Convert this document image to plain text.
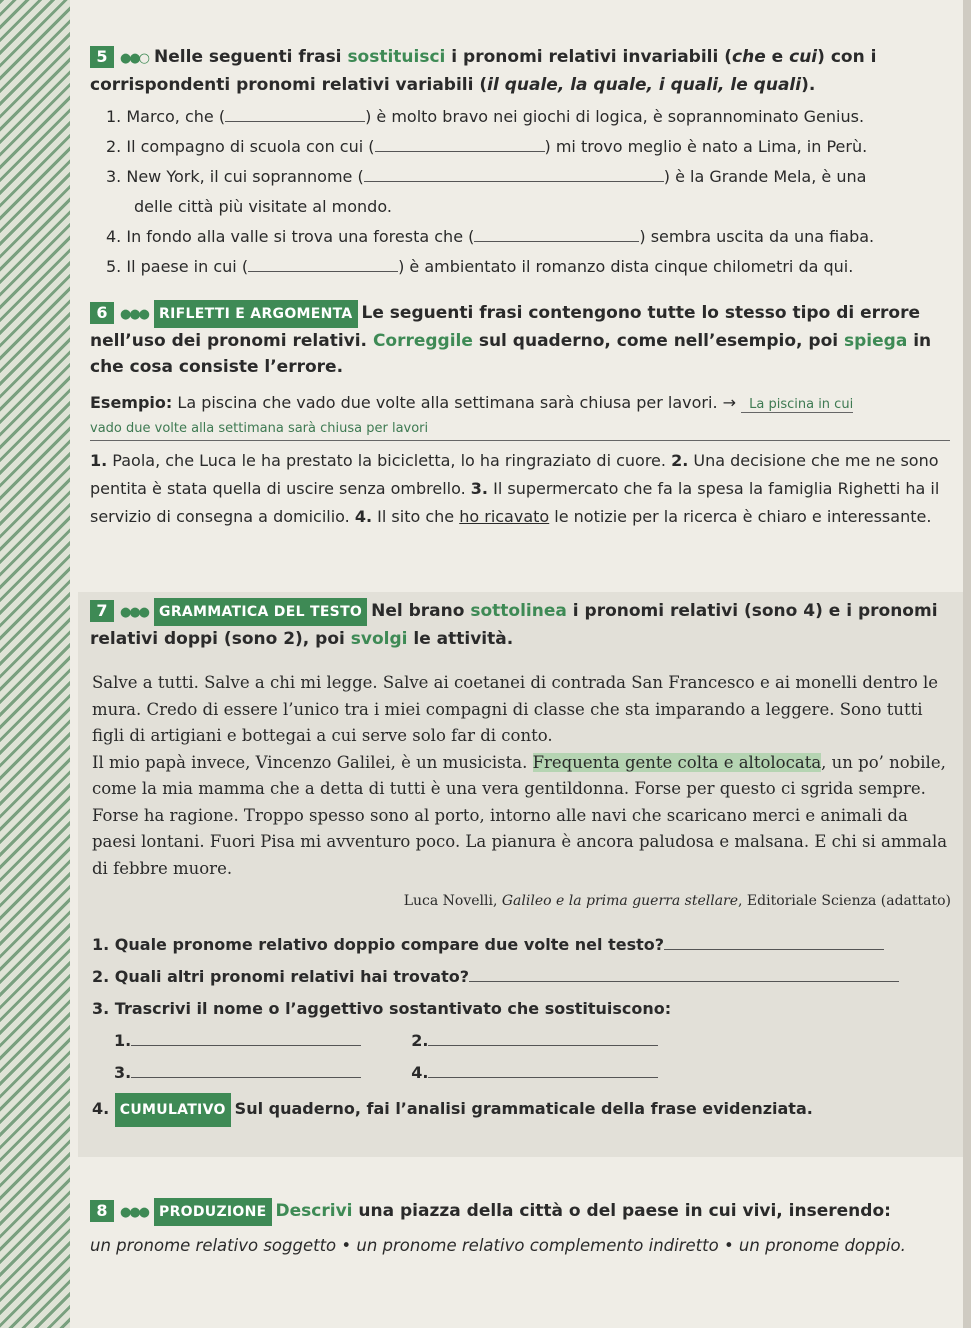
5 ●●○ Nelle seguenti frasi sostituisci i pronomi relativi invariabili (che e cui) con i corrispondenti pronomi relativi variabili (il quale, la quale, i quali, le quali).
1. Marco, che (	) è molto bravo nei giochi di logica, è soprannominato Genius.
2. Il compagno di scuola con cui (	) mi trovo meglio è nato a Lima, in Perù.
3. New York, il cui soprannome (	) è la Grande Mela, è una
delle città più visitate al mondo.
4. In fondo alla valle si trova una foresta che (	) sembra uscita da una fiaba.
5. Il paese in cui (	) è ambientato il romanzo dista cinque chilometri da qui.
6 ●●● RIFLETTI E ARGOMENTA Le seguenti frasi contengono tutte lo stesso tipo di errore nell’uso dei pronomi relativi. Correggile sul quaderno, come nell’esempio, poi spiega in che cosa consiste l’errore.
Esempio: La piscina che vado due volte alla settimana sarà chiusa per lavori. → La piscina in cui
vado due volte alla settimana sarà chiusa per lavori
1. Paola, che Luca le ha prestato la bicicletta, lo ha ringraziato di cuore. 2. Una decisione che me ne sono pentita è stata quella di uscire senza ombrello. 3. Il supermercato che fa la spesa la famiglia Righetti ha il servizio di consegna a domicilio. 4. Il sito che ho ricavato le notizie per la ricerca è chiaro e interessante.
7 ●●● GRAMMATICA DEL TESTO Nel brano sottolinea i pronomi relativi (sono 4) e i pronomi relativi doppi (sono 2), poi svolgi le attività.

Salve a tutti. Salve a chi mi legge. Salve ai coetanei di contrada San Francesco e ai monelli dentro le mura. Credo di essere l’unico tra i miei compagni di classe che sta imparando a leggere. Sono tutti figli di artigiani e bottegai a cui serve solo far di conto.

Il mio papà invece, Vincenzo Galilei, è un musicista. Frequenta gente colta e altolocata, un po’ nobile, come la mia mamma che a detta di tutti è una vera gentildonna. Forse per questo ci sgrida sempre. Forse ha ragione. Troppo spesso sono al porto, intorno alle navi che scaricano merci e animali da paesi lontani. Fuori Pisa mi avventuro poco. La pianura è ancora paludosa e malsana. E chi si ammala di febbre muore.

Luca Novelli, Galileo e la prima guerra stellare, Editoriale Scienza (adattato)
1. Quale pronome relativo doppio compare due volte nel testo?
2. Quali altri pronomi relativi hai trovato?
3. Trascrivi il nome o l’aggettivo sostantivato che sostituiscono:
1.	2.
3.	4.
4. CUMULATIVO Sul quaderno, fai l’analisi grammaticale della frase evidenziata.
8 ●●● PRODUZIONE Descrivi una piazza della città o del paese in cui vivi, inserendo:
un pronome relativo soggetto • un pronome relativo complemento indiretto • un pronome doppio.
